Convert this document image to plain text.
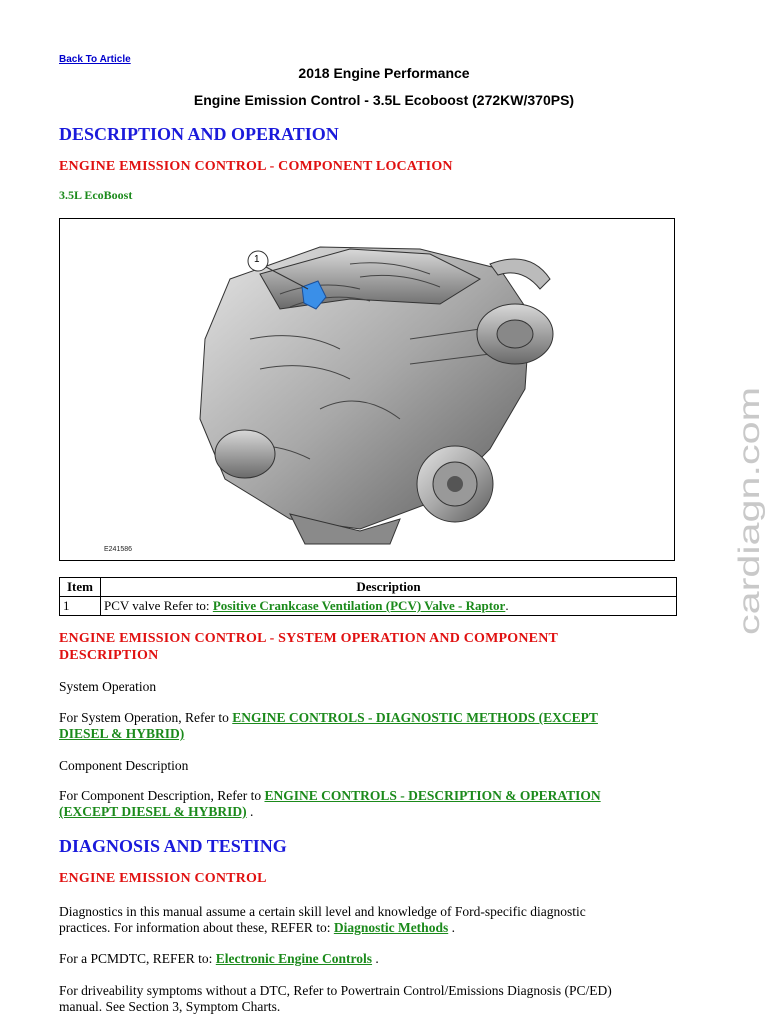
Back To Article
2018 Engine Performance
Engine Emission Control - 3.5L Ecoboost (272KW/370PS)
DESCRIPTION AND OPERATION
ENGINE EMISSION CONTROL - COMPONENT LOCATION
3.5L EcoBoost
1
E241586
Item	Description
1	PCV valve Refer to: Positive Crankcase Ventilation (PCV) Valve - Raptor.
ENGINE EMISSION CONTROL - SYSTEM OPERATION AND COMPONENT
DESCRIPTION

System Operation

For System Operation, Refer to ENGINE CONTROLS - DIAGNOSTIC METHODS (EXCEPT
DIESEL & HYBRID)

Component Description

For Component Description, Refer to ENGINE CONTROLS - DESCRIPTION & OPERATION
(EXCEPT DIESEL & HYBRID) .

DIAGNOSIS AND TESTING
ENGINE EMISSION CONTROL

Diagnostics in this manual assume a certain skill level and knowledge of Ford-specific diagnostic
practices. For information about these, REFER to: Diagnostic Methods .

For a PCMDTC, REFER to: Electronic Engine Controls .

For driveability symptoms without a DTC, Refer to Powertrain Control/Emissions Diagnosis (PC/ED)
manual. See Section 3, Symptom Charts.

cardiagn.com
